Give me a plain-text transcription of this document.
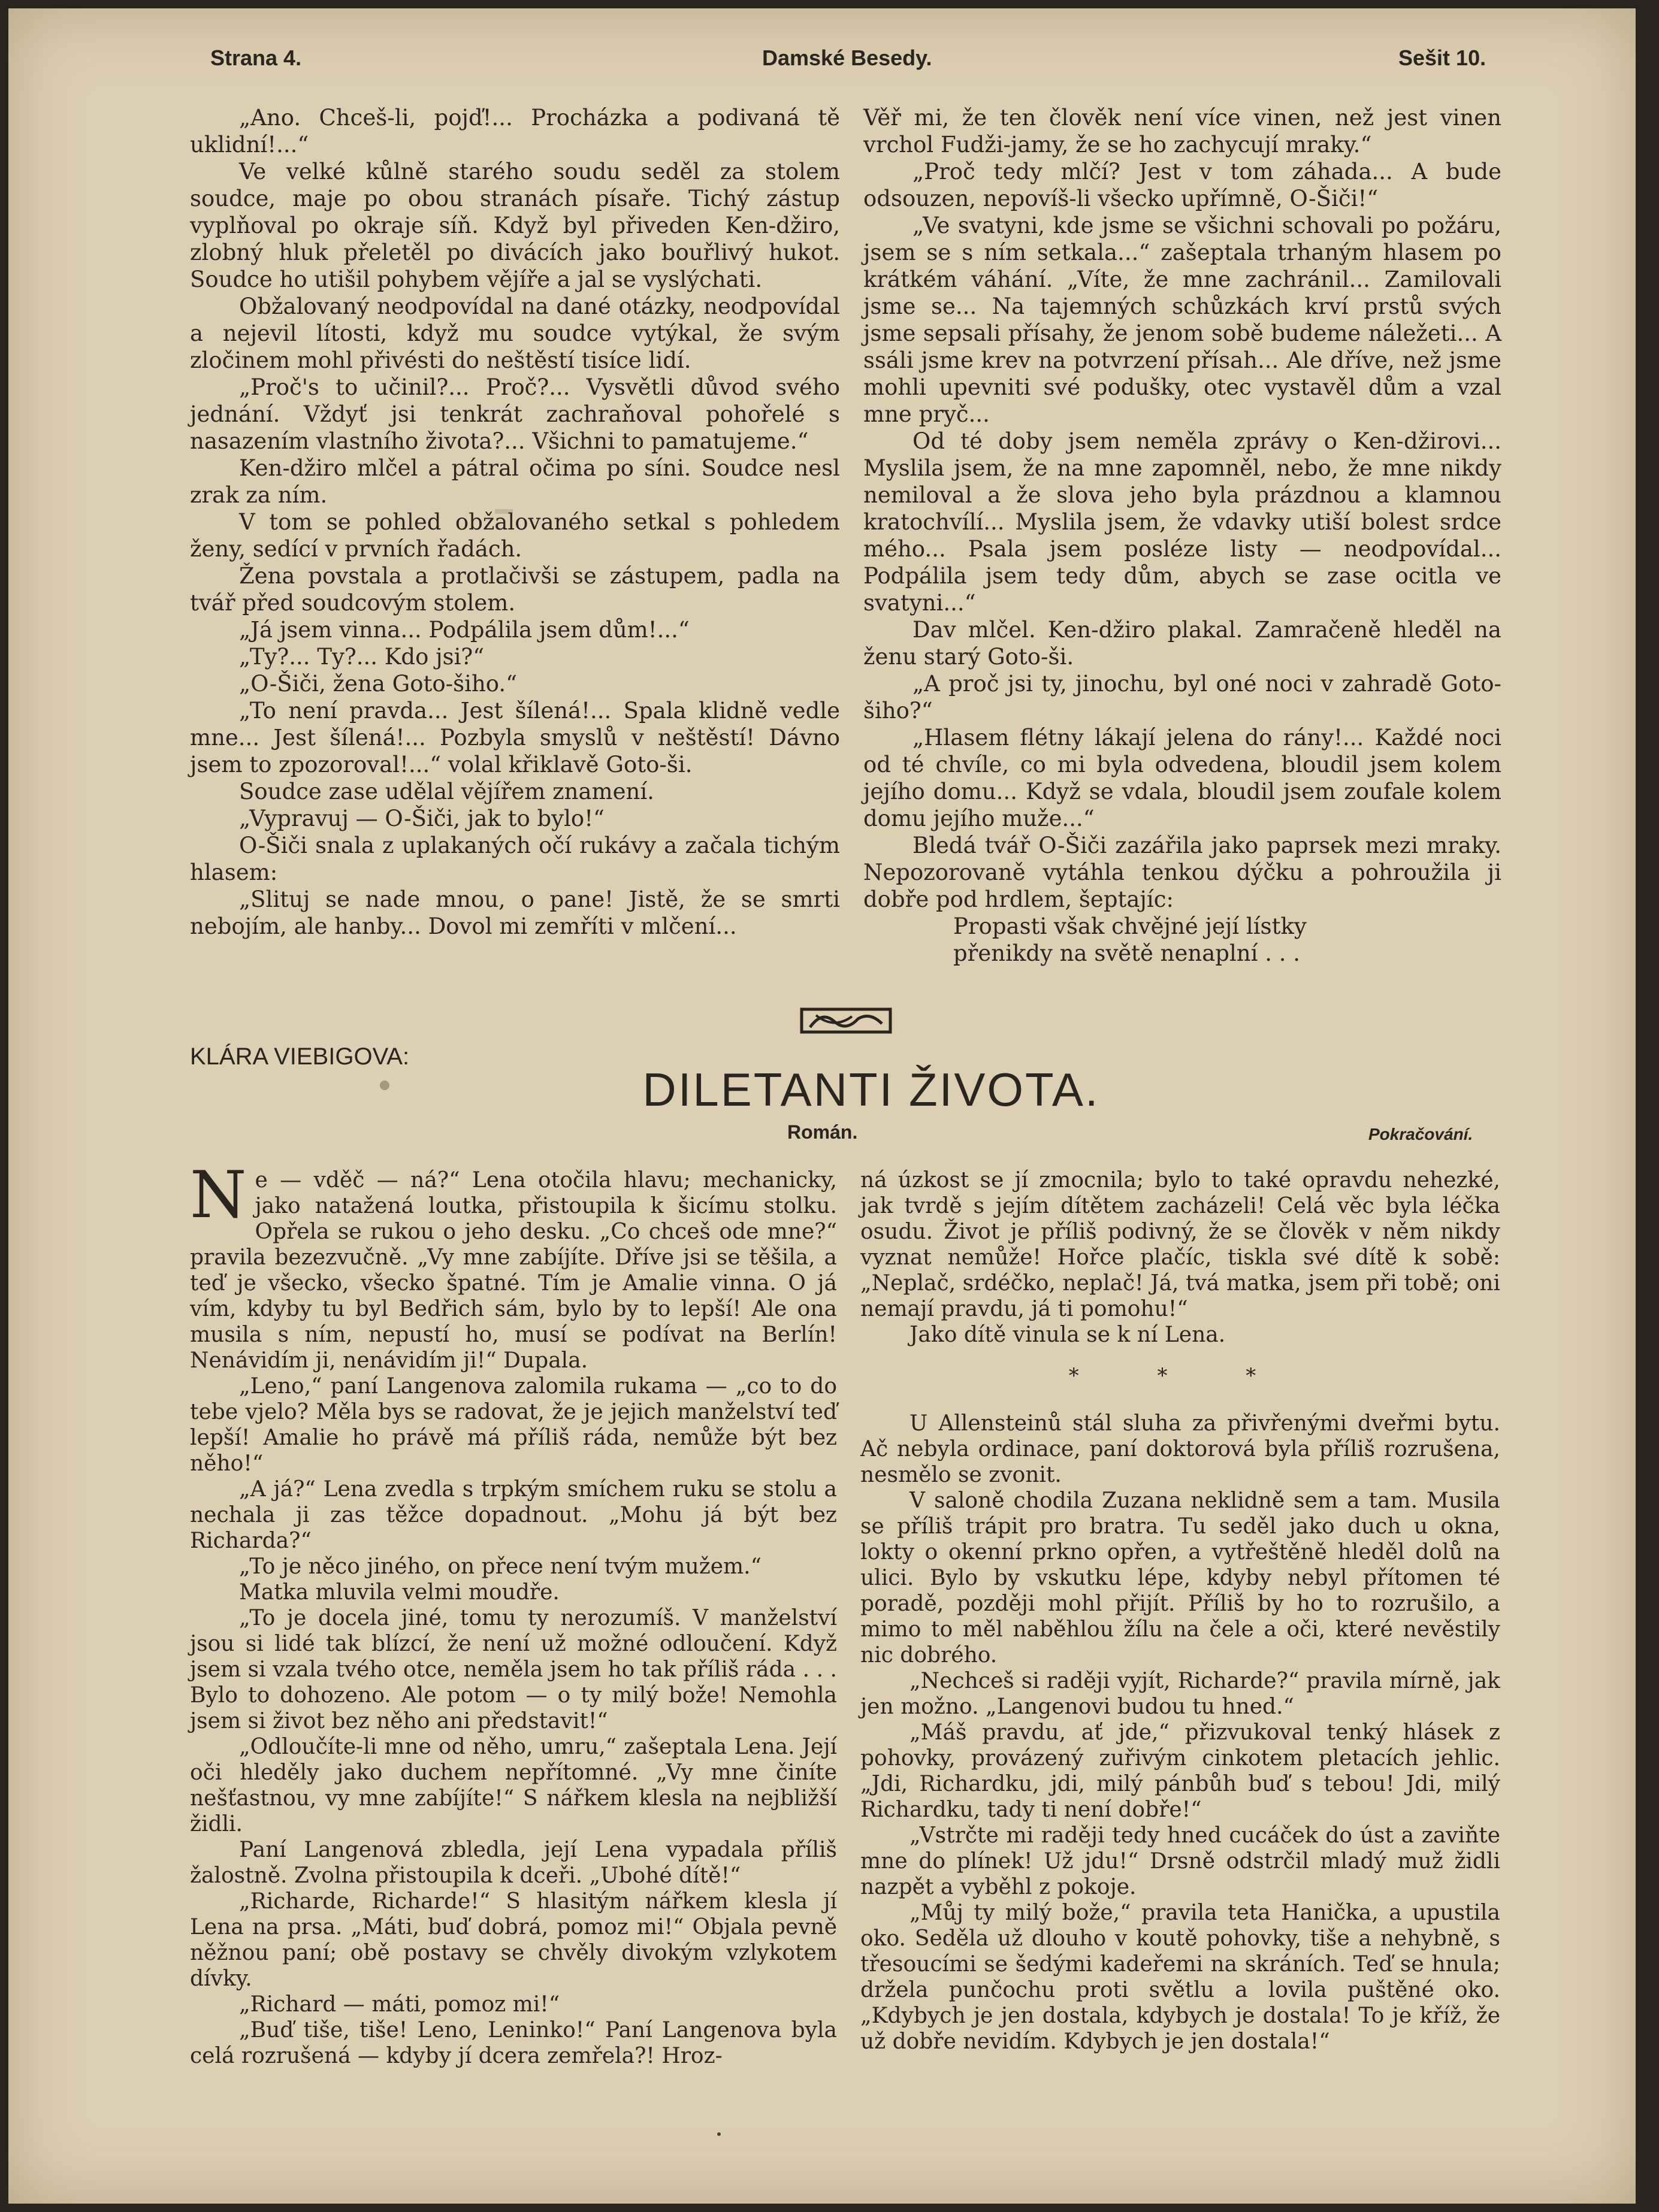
Strana 4.	Damské Besedy.	Sešit 10.

„Ano. Chceš-li, pojď!... Procházka a podivaná tě uklidní!...“

Ve velké kůlně starého soudu seděl za stolem soudce, maje po obou stranách písaře. Tichý zástup vyplňoval po okraje síň. Když byl přiveden Ken-džiro, zlobný hluk přeletěl po divácích jako bouřlivý hukot. Soudce ho utišil pohybem vějíře a jal se vyslýchati.

Obžalovaný neodpovídal na dané otázky, neodpovídal a nejevil lítosti, když mu soudce vytýkal, že svým zločinem mohl přivésti do neštěstí tisíce lidí.

„Proč's to učinil?... Proč?... Vysvětli důvod svého jednání. Vždyť jsi tenkrát zachraňoval pohořelé s nasazením vlastního života?... Všichni to pamatujeme.“

Ken-džiro mlčel a pátral očima po síni. Soudce nesl zrak za ním.

V tom se pohled obžalovaného setkal s pohledem ženy, sedící v prvních řadách.

Žena povstala a protlačivši se zástupem, padla na tvář před soudcovým stolem.

„Já jsem vinna... Podpálila jsem dům!...“

„Ty?... Ty?... Kdo jsi?“

„O-Šiči, žena Goto-šiho.“

„To není pravda... Jest šílená!... Spala klidně vedle mne... Jest šílená!... Pozbyla smyslů v neštěstí! Dávno jsem to zpozoroval!...“ volal křiklavě Goto-ši.

Soudce zase udělal vějířem znamení.

„Vypravuj — O-Šiči, jak to bylo!“

O-Šiči snala z uplakaných očí rukávy a začala tichým hlasem:

„Slituj se nade mnou, o pane! Jistě, že se smrti nebojím, ale hanby... Dovol mi zemříti v mlčení...

Věř mi, že ten člověk není více vinen, než jest vinen vrchol Fudži-jamy, že se ho zachycují mraky.“

„Proč tedy mlčí? Jest v tom záhada... A bude odsouzen, nepovíš-li všecko upřímně, O-Šiči!“

„Ve svatyni, kde jsme se všichni schovali po požáru, jsem se s ním setkala...“ zašeptala trhaným hlasem po krátkém váhání. „Víte, že mne zachránil... Zamilovali jsme se... Na tajemných schůzkách krví prstů svých jsme sepsali přísahy, že jenom sobě budeme náležeti... A ssáli jsme krev na potvrzení přísah... Ale dříve, než jsme mohli upevniti své podušky, otec vystavěl dům a vzal mne pryč...

Od té doby jsem neměla zprávy o Ken-džirovi... Myslila jsem, že na mne zapomněl, nebo, že mne nikdy nemiloval a že slova jeho byla prázdnou a klamnou kratochvílí... Myslila jsem, že vdavky utiší bolest srdce mého... Psala jsem posléze listy — neodpovídal... Podpálila jsem tedy dům, abych se zase ocitla ve svatyni...“

Dav mlčel. Ken-džiro plakal. Zamračeně hleděl na ženu starý Goto-ši.

„A proč jsi ty, jinochu, byl oné noci v zahradě Goto-šiho?“

„Hlasem flétny lákají jelena do rány!... Každé noci od té chvíle, co mi byla odvedena, bloudil jsem kolem jejího domu... Když se vdala, bloudil jsem zoufale kolem domu jejího muže...“

Bledá tvář O-Šiči zazářila jako paprsek mezi mraky. Nepozorovaně vytáhla tenkou dýčku a pohroužila ji dobře pod hrdlem, šeptajíc:

Propasti však chvějné její lístky

přenikdy na světě nenaplní . . .

KLÁRA VIEBIGOVA:
DILETANTI ŽIVOTA.
Román.	Pokračování.

Ne — vděč — ná?“ Lena otočila hlavu; mechanicky, jako natažená loutka, přistoupila k šicímu stolku. Opřela se rukou o jeho desku. „Co chceš ode mne?“ pravila bezezvučně. „Vy mne zabíjíte. Dříve jsi se těšila, a teď je všecko, všecko špatné. Tím je Amalie vinna. O já vím, kdyby tu byl Bedřich sám, bylo by to lepší! Ale ona musila s ním, nepustí ho, musí se podívat na Berlín! Nenávidím ji, nenávidím ji!“ Dupala.

„Leno,“ paní Langenova zalomila rukama — „co to do tebe vjelo? Měla bys se radovat, že je jejich manželství teď lepší! Amalie ho právě má příliš ráda, nemůže být bez něho!“

„A já?“ Lena zvedla s trpkým smíchem ruku se stolu a nechala ji zas těžce dopadnout. „Mohu já být bez Richarda?“

„To je něco jiného, on přece není tvým mužem.“

Matka mluvila velmi moudře.

„To je docela jiné, tomu ty nerozumíš. V manželství jsou si lidé tak blízcí, že není už možné odloučení. Když jsem si vzala tvého otce, neměla jsem ho tak příliš ráda . . . Bylo to dohozeno. Ale potom — o ty milý bože! Nemohla jsem si život bez něho ani představit!“

„Odloučíte-li mne od něho, umru,“ zašeptala Lena. Její oči hleděly jako duchem nepřítomné. „Vy mne činíte nešťastnou, vy mne zabíjíte!“ S nářkem klesla na nejbližší židli.

Paní Langenová zbledla, její Lena vypadala příliš žalostně. Zvolna přistoupila k dceři. „Ubohé dítě!“

„Richarde, Richarde!“ S hlasitým nářkem klesla jí Lena na prsa. „Máti, buď dobrá, pomoz mi!“ Objala pevně něžnou paní; obě postavy se chvěly divokým vzlykotem dívky.

„Richard — máti, pomoz mi!“

„Buď tiše, tiše! Leno, Leninko!“ Paní Langenova byla celá rozrušená — kdyby jí dcera zemřela?! Hroz-

ná úzkost se jí zmocnila; bylo to také opravdu nehezké, jak tvrdě s jejím dítětem zacházeli! Celá věc byla léčka osudu. Život je příliš podivný, že se člověk v něm nikdy vyznat nemůže! Hořce plačíc, tiskla své dítě k sobě: „Neplač, srdéčko, neplač! Já, tvá matka, jsem při tobě; oni nemají pravdu, já ti pomohu!“

Jako dítě vinula se k ní Lena.

* * *

U Allensteinů stál sluha za přivřenými dveřmi bytu. Ač nebyla ordinace, paní doktorová byla příliš rozrušena, nesmělo se zvonit.

V saloně chodila Zuzana neklidně sem a tam. Musila se příliš trápit pro bratra. Tu seděl jako duch u okna, lokty o okenní prkno opřen, a vytřeštěně hleděl dolů na ulici. Bylo by vskutku lépe, kdyby nebyl přítomen té poradě, později mohl přijít. Příliš by ho to rozrušilo, a mimo to měl naběhlou žílu na čele a oči, které nevěstily nic dobrého.

„Nechceš si raději vyjít, Richarde?“ pravila mírně, jak jen možno. „Langenovi budou tu hned.“

„Máš pravdu, ať jde,“ přizvukoval tenký hlásek z pohovky, provázený zuřivým cinkotem pletacích jehlic. „Jdi, Richardku, jdi, milý pánbůh buď s tebou! Jdi, milý Richardku, tady ti není dobře!“

„Vstrčte mi raději tedy hned cucáček do úst a zaviňte mne do plínek! Už jdu!“ Drsně odstrčil mladý muž židli nazpět a vyběhl z pokoje.

„Můj ty milý bože,“ pravila teta Hanička, a upustila oko. Seděla už dlouho v koutě pohovky, tiše a nehybně, s třesoucími se šedými kadeřemi na skráních. Teď se hnula; držela punčochu proti světlu a lovila puštěné oko. „Kdybych je jen dostala, kdybych je dostala! To je kříž, že už dobře nevidím. Kdybych je jen dostala!“
